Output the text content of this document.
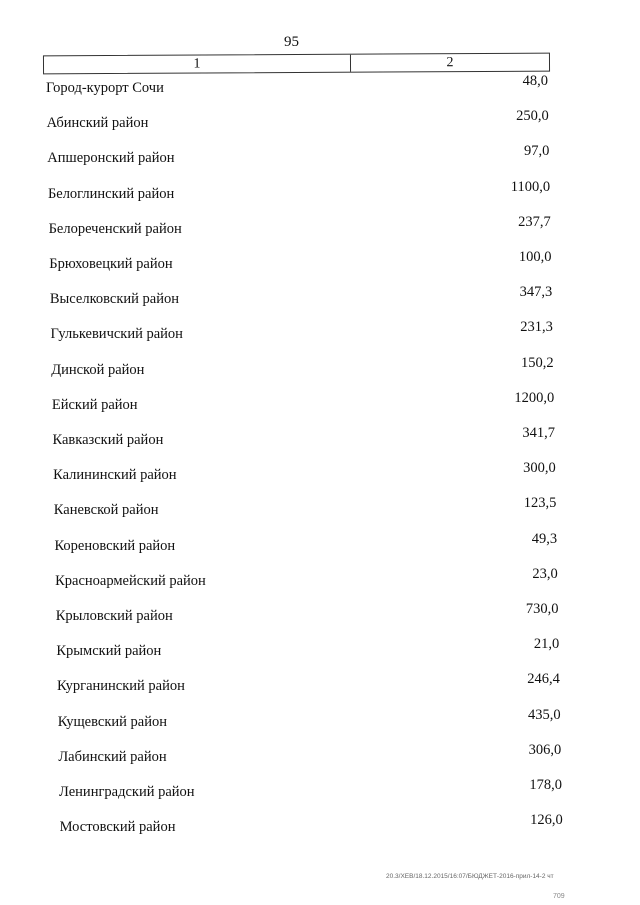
95
1	2
Город-курорт Сочи	48,0
Абинский район	250,0
Апшеронский район	97,0
Белоглинский район	1100,0
Белореченский район	237,7
Брюховецкий район	100,0
Выселковский район	347,3
Гулькевичский район	231,3
Динской район	150,2
Ейский район	1200,0
Кавказский район	341,7
Калининский район	300,0
Каневской район	123,5
Кореновский район	49,3
Красноармейский район	23,0
Крыловский район	730,0
Крымский район	21,0
Курганинский район	246,4
Кущевский район	435,0
Лабинский район	306,0
Ленинградский район	178,0
Мостовский район	126,0
20.3/ХЕВ/18.12.2015/16:07/БЮДЖЕТ-2016-прил-14-2 чт
709
